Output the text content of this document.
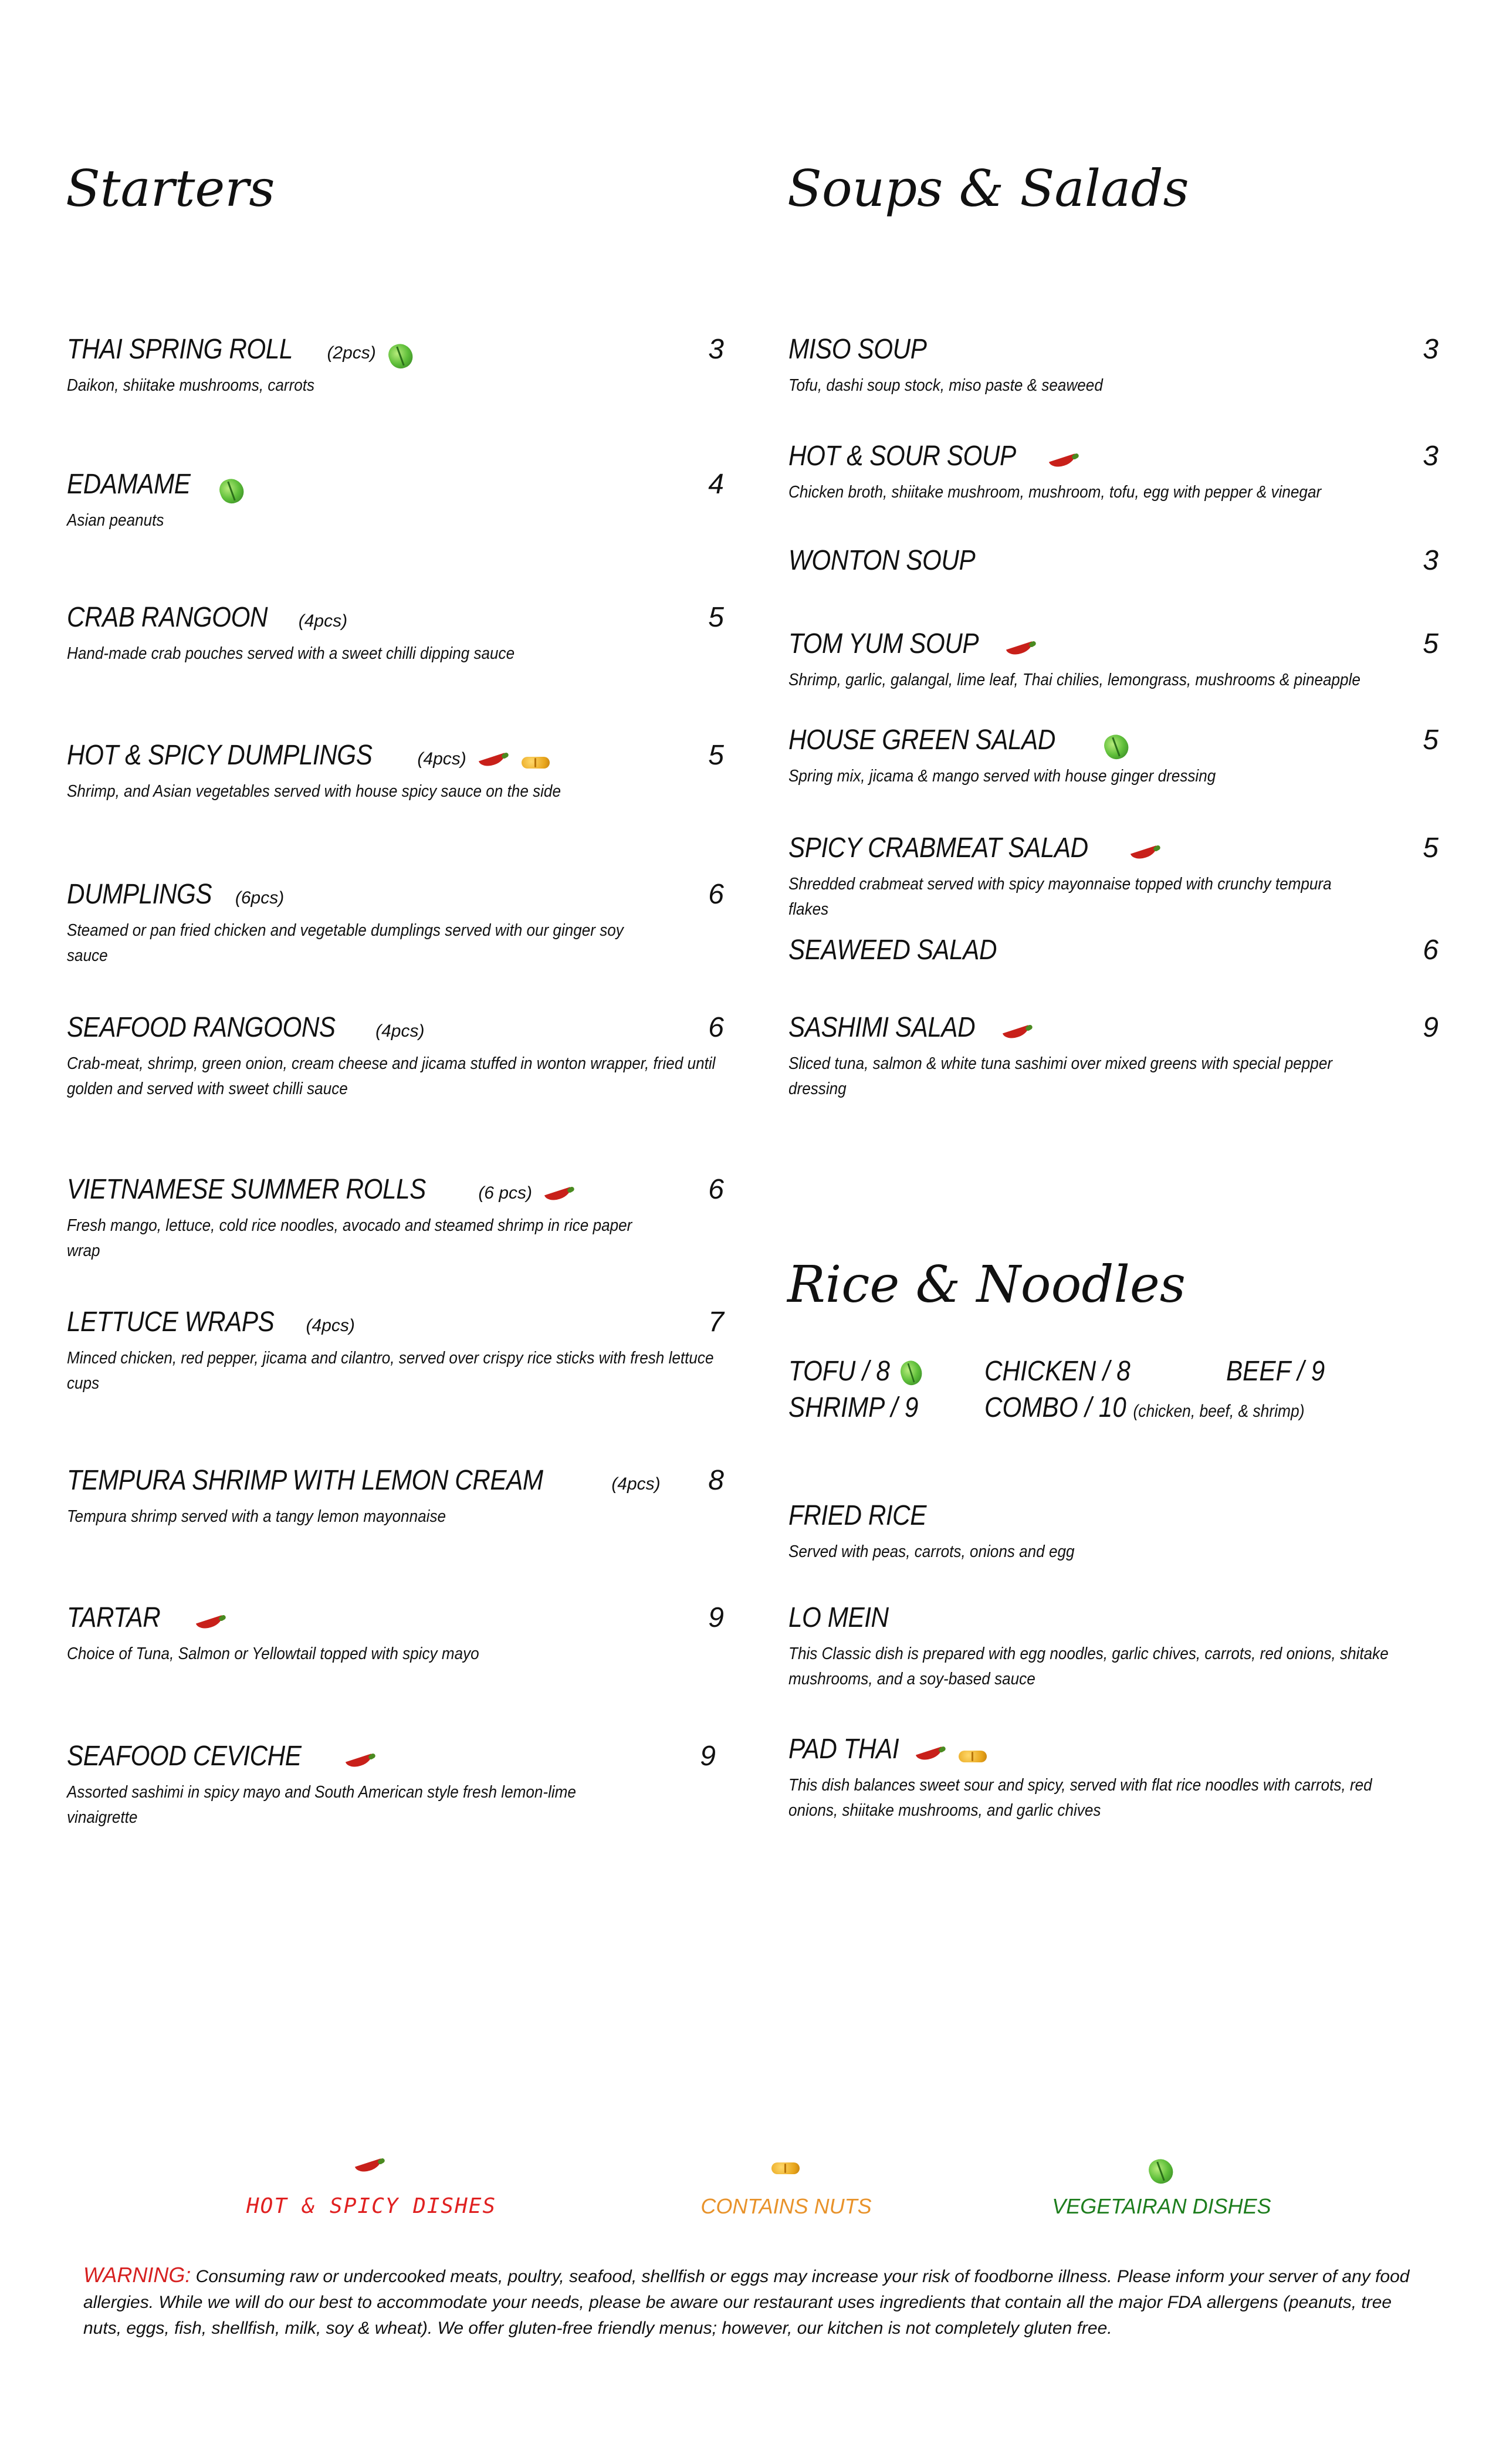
Starters
THAI SPRING ROLL (2pcs)	3
Daikon, shiitake mushrooms, carrots
EDAMAME	4
Asian peanuts
CRAB RANGOON (4pcs)	5
Hand-made crab pouches served with a sweet chilli dipping sauce
HOT & SPICY DUMPLINGS	(4pcs)	5
Shrimp, and Asian vegetables served with house spicy sauce on the side
DUMPLINGS (6pcs)	6
Steamed or pan fried chicken and vegetable dumplings served with our ginger soy sauce
SEAFOOD RANGOONS (4pcs)	6
Crab-meat, shrimp, green onion, cream cheese and jicama stuffed in wonton wrapper, fried until golden and served with sweet chilli sauce
VIETNAMESE SUMMER ROLLS	(6 pcs)	6
Fresh mango, lettuce, cold rice noodles, avocado and steamed shrimp in rice paper wrap
LETTUCE WRAPS (4pcs)	7
Minced chicken, red pepper, jicama and cilantro, served over crispy rice sticks with fresh lettuce cups
TEMPURA SHRIMP WITH LEMON CREAM	(4pcs) 8
Tempura shrimp served with a tangy lemon mayonnaise
TARTAR	9
Choice of Tuna, Salmon or Yellowtail topped with spicy mayo
SEAFOOD CEVICHE	9
Assorted sashimi in spicy mayo and South American style fresh lemon-lime vinaigrette
Soups & Salads
MISO SOUP	3
Tofu, dashi soup stock, miso paste & seaweed
HOT & SOUR SOUP	3
Chicken broth, shiitake mushroom, mushroom, tofu, egg with pepper & vinegar
WONTON SOUP	3
TOM YUM SOUP	5
Shrimp, garlic, galangal, lime leaf, Thai chilies, lemongrass, mushrooms & pineapple
HOUSE GREEN SALAD	5
Spring mix, jicama & mango served with house ginger dressing
SPICY CRABMEAT SALAD	5
Shredded crabmeat served with spicy mayonnaise topped with crunchy tempura flakes
SEAWEED SALAD	6
SASHIMI SALAD	9
Sliced tuna, salmon & white tuna sashimi over mixed greens with special pepper dressing
Rice & Noodles
TOFU / 8	CHICKEN / 8	BEEF / 9
SHRIMP / 9 COMBO / 10 (chicken, beef, & shrimp)
FRIED RICE
Served with peas, carrots, onions and egg
LO MEIN
This Classic dish is prepared with egg noodles, garlic chives, carrots, red onions, shitake mushrooms, and a soy-based sauce
PAD THAI
This dish balances sweet sour and spicy, served with flat rice noodles with carrots, red onions, shiitake mushrooms, and garlic chives
HOT & SPICY DISHES	CONTAINS NUTS	VEGETAIRAN DISHES
WARNING: Consuming raw or undercooked meats, poultry, seafood, shellfish or eggs may increase your risk of foodborne illness. Please inform your server of any food allergies. While we will do our best to accommodate your needs, please be aware our restaurant uses ingredients that contain all the major FDA allergens (peanuts, tree nuts, eggs, fish, shellfish, milk, soy & wheat). We offer gluten-free friendly menus; however, our kitchen is not completely gluten free.
